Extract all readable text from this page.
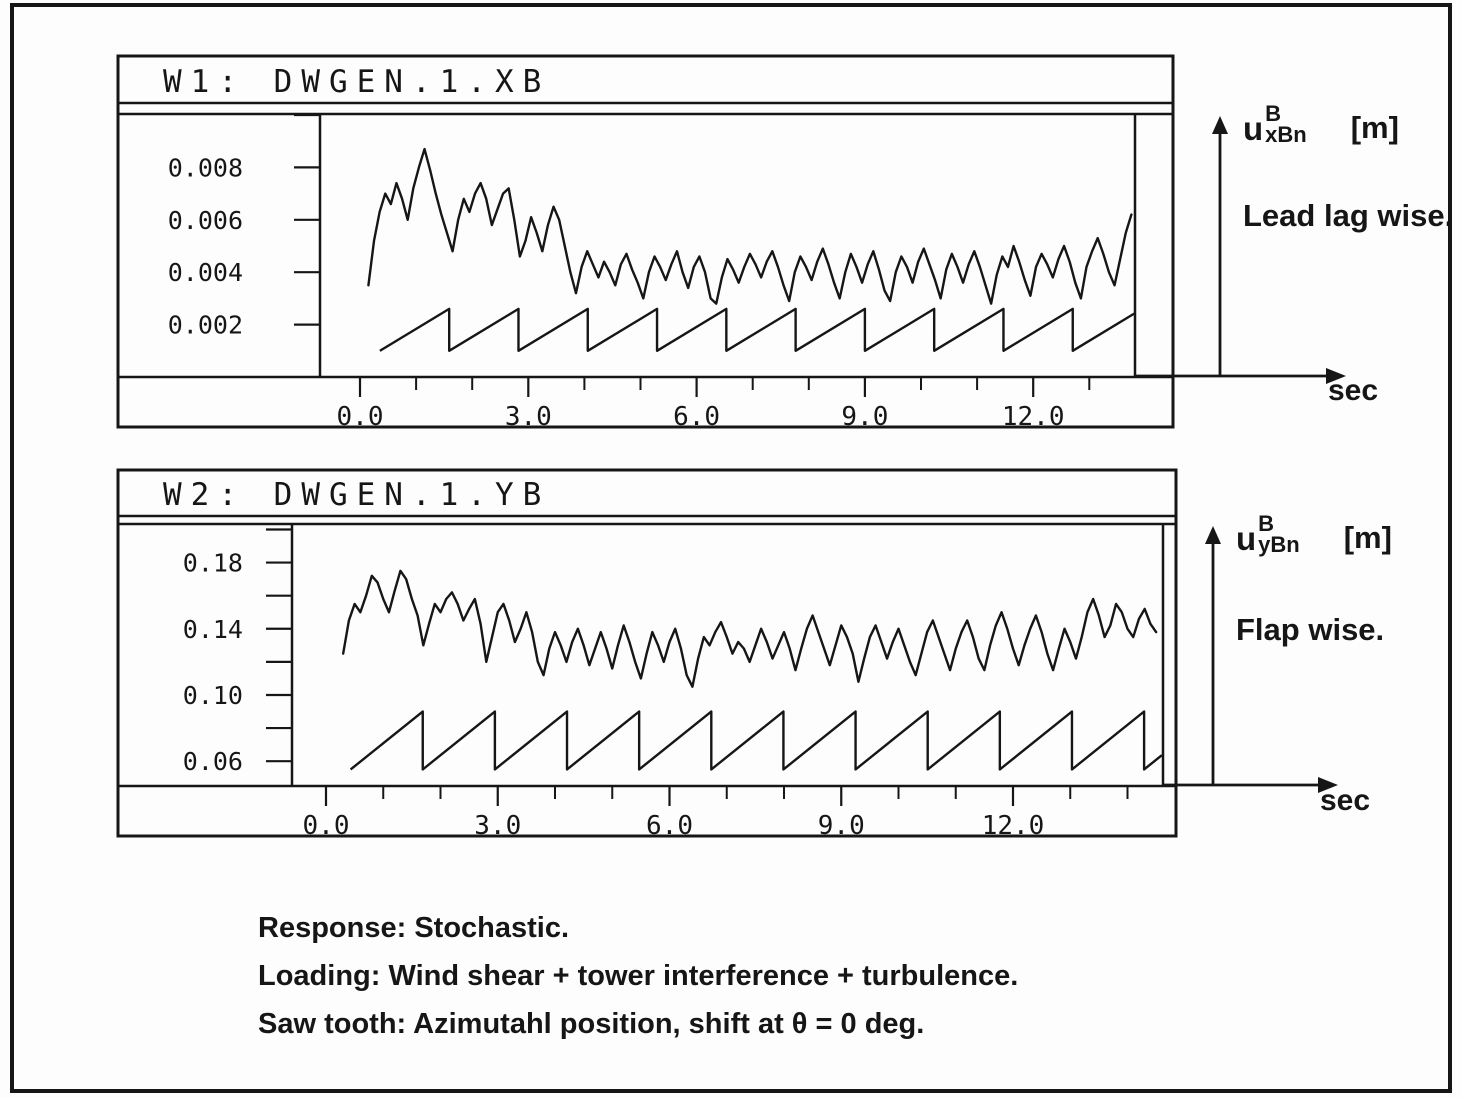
0.002
0.004
0.006
0.008
0.0	3.0	6.0	9.0	12.0
0.06
0.10
0.14
0.18
0.0	3.0	6.0	9.0	12.0
W1: DWGEN.1.XB
W2: DWGEN.1.YB
u B
xBn [m]
Lead lag wise.
sec
u B
yBn [m]
Flap wise.
sec
Response: Stochastic.
Loading: Wind shear + tower interference + turbulence.
Saw tooth: Azimutahl position, shift at θ = 0 deg.
